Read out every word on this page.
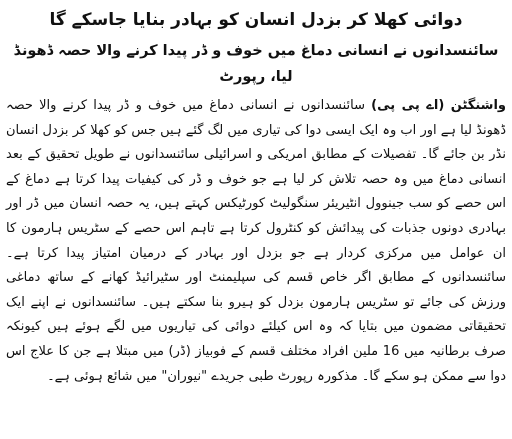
دوائی کھلا کر بزدل انسان کو بہادر بنایا جاسکے گا
سائنسدانوں نے انسانی دماغ میں خوف و ڈر پیدا کرنے والا حصہ ڈھونڈ لیا، رپورٹ

واشنگٹن (اے پی پی) سائنسدانوں نے انسانی دماغ میں خوف و ڈر پیدا کرنے والا حصہ ڈھونڈ لیا ہے اور اب وہ ایک ایسی دوا کی تیاری میں لگ گئے ہیں جس کو کھلا کر بزدل انسان نڈر بن جائے گا۔ تفصیلات کے مطابق امریکی و اسرائیلی سائنسدانوں نے طویل تحقیق کے بعد انسانی دماغ میں وہ حصہ تلاش کر لیا ہے جو خوف و ڈر کی کیفیات پیدا کرتا ہے دماغ کے اس حصے کو سب جینوول انٹیریئر سنگولیٹ کورٹیکس کہتے ہیں، یہ حصہ انسان میں ڈر اور بہادری دونوں جذبات کی پیدائش کو کنٹرول کرتا ہے تاہم اس حصے کے سٹریس ہارمون کا ان عوامل میں مرکزی کردار ہے جو بزدل اور بہادر کے درمیان امتیاز پیدا کرتا ہے۔ سائنسدانوں کے مطابق اگر خاص قسم کی سپلیمنٹ اور سٹیرائیڈ کھانے کے ساتھ دماغی ورزش کی جائے تو سٹریس ہارمون بزدل کو ہیرو بنا سکتے ہیں۔ سائنسدانوں نے اپنے ایک تحقیقاتی مضمون میں بتایا کہ وہ اس کیلئے دوائی کی تیاریوں میں لگے ہوئے ہیں کیونکہ صرف برطانیہ میں 16 ملین افراد مختلف قسم کے فوبیاز (ڈر) میں مبتلا ہے جن کا علاج اس دوا سے ممکن ہو سکے گا۔ مذکورہ رپورٹ طبی جریدے "نیوران" میں شائع ہوئی ہے۔
